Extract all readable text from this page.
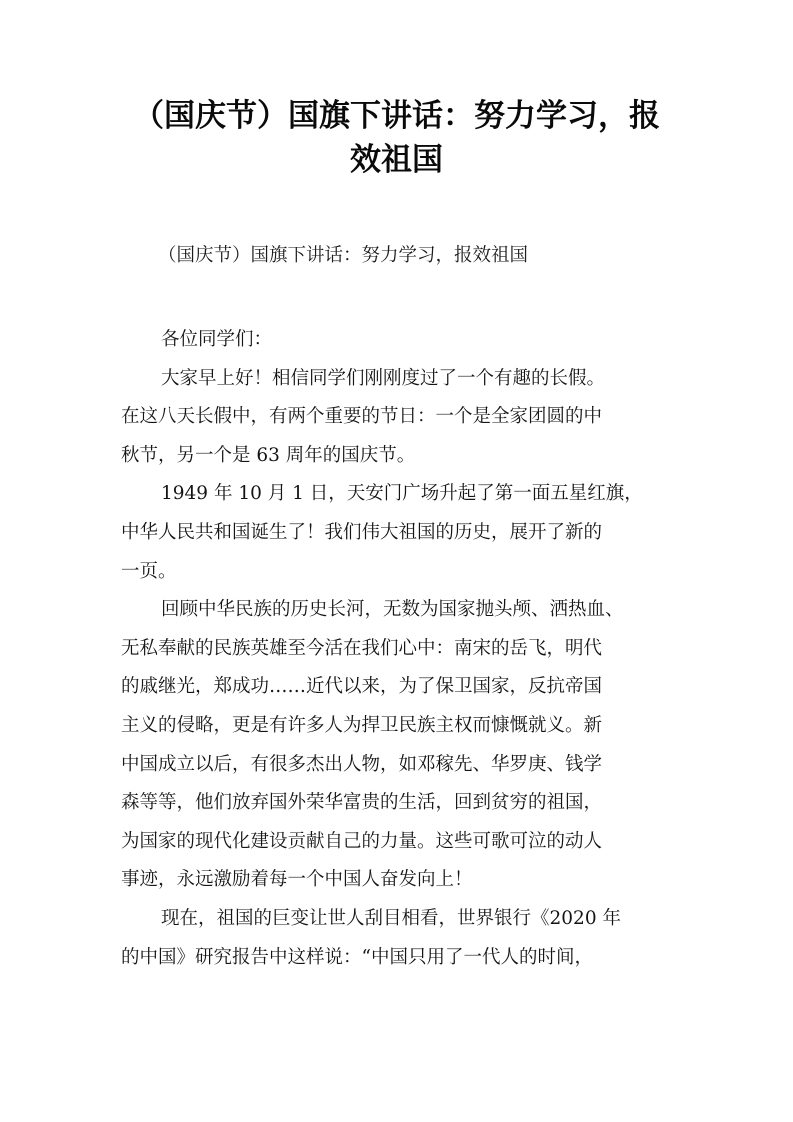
（国庆节）国旗下讲话：努力学习，报
效祖国
（国庆节）国旗下讲话：努力学习，报效祖国
各位同学们：
大家早上好！相信同学们刚刚度过了一个有趣的长假。
在这八天长假中，有两个重要的节日：一个是全家团圆的中
秋节，另一个是 63 周年的国庆节。
1949 年 10 月 1 日，天安门广场升起了第一面五星红旗，
中华人民共和国诞生了！我们伟大祖国的历史，展开了新的
一页。
回顾中华民族的历史长河，无数为国家抛头颅、洒热血、
无私奉献的民族英雄至今活在我们心中：南宋的岳飞，明代
的戚继光，郑成功……近代以来，为了保卫国家，反抗帝国
主义的侵略，更是有许多人为捍卫民族主权而慷慨就义。新
中国成立以后，有很多杰出人物，如邓稼先、华罗庚、钱学
森等等，他们放弃国外荣华富贵的生活，回到贫穷的祖国，
为国家的现代化建设贡献自己的力量。这些可歌可泣的动人
事迹，永远激励着每一个中国人奋发向上！
现在，祖国的巨变让世人刮目相看，世界银行《2020 年
的中国》研究报告中这样说：“中国只用了一代人的时间，
